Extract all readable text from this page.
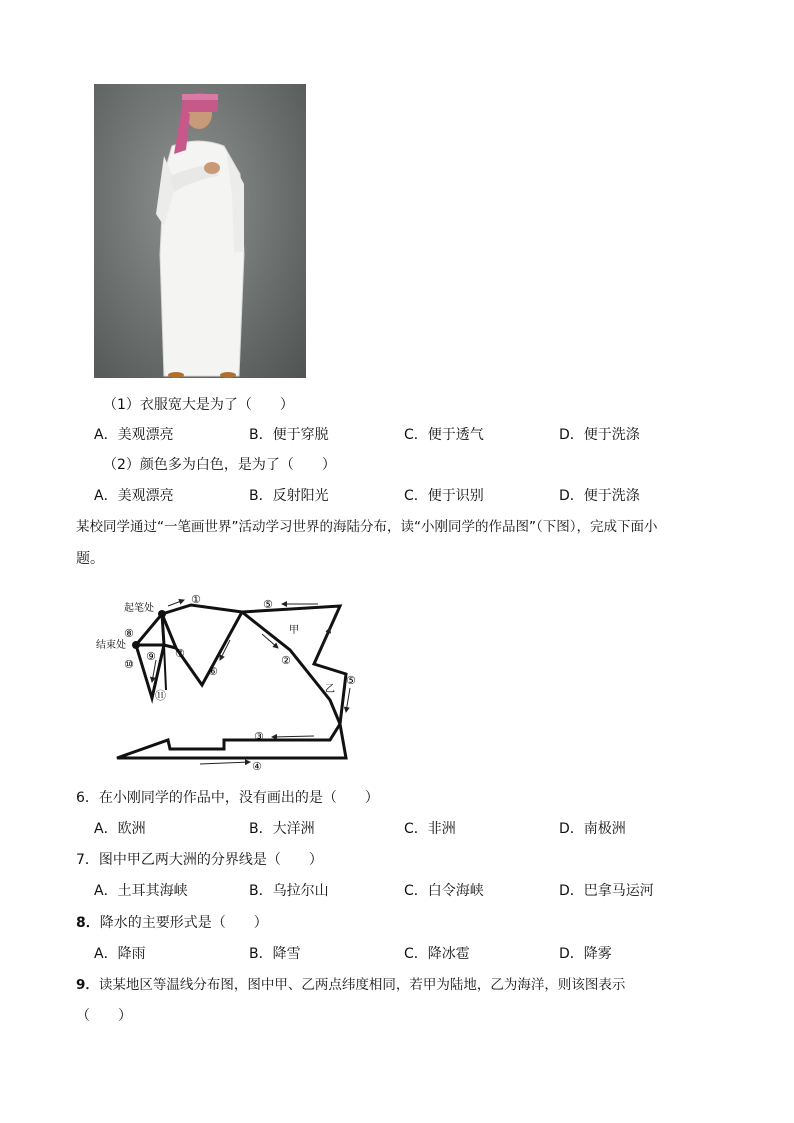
（1）衣服宽大是为了（　　）
A．美观漂亮	B．便于穿脱	C．便于透气	D．便于洗涤
（2）颜色多为白色，是为了（　　）
A．美观漂亮	B．反射阳光	C．便于识别	D．便于洗涤
某校同学通过“一笔画世界”活动学习世界的海陆分布，读“小刚同学的作品图”（下图），完成下面小
题。
起笔处
结束处
甲
乙
①
②
③
④
⑤
⑤
⑥
⑦
⑧
⑨
⑩
⑪
6．在小刚同学的作品中，没有画出的是（　　）
A．欧洲	B．大洋洲	C．非洲	D．南极洲
7．图中甲乙两大洲的分界线是（　　）
A．土耳其海峡	B．乌拉尔山	C．白令海峡	D．巴拿马运河
8．降水的主要形式是（　　）
A．降雨	B．降雪	C．降冰雹	D．降雾
9．读某地区等温线分布图，图中甲、乙两点纬度相同，若甲为陆地，乙为海洋，则该图表示
（　　）
